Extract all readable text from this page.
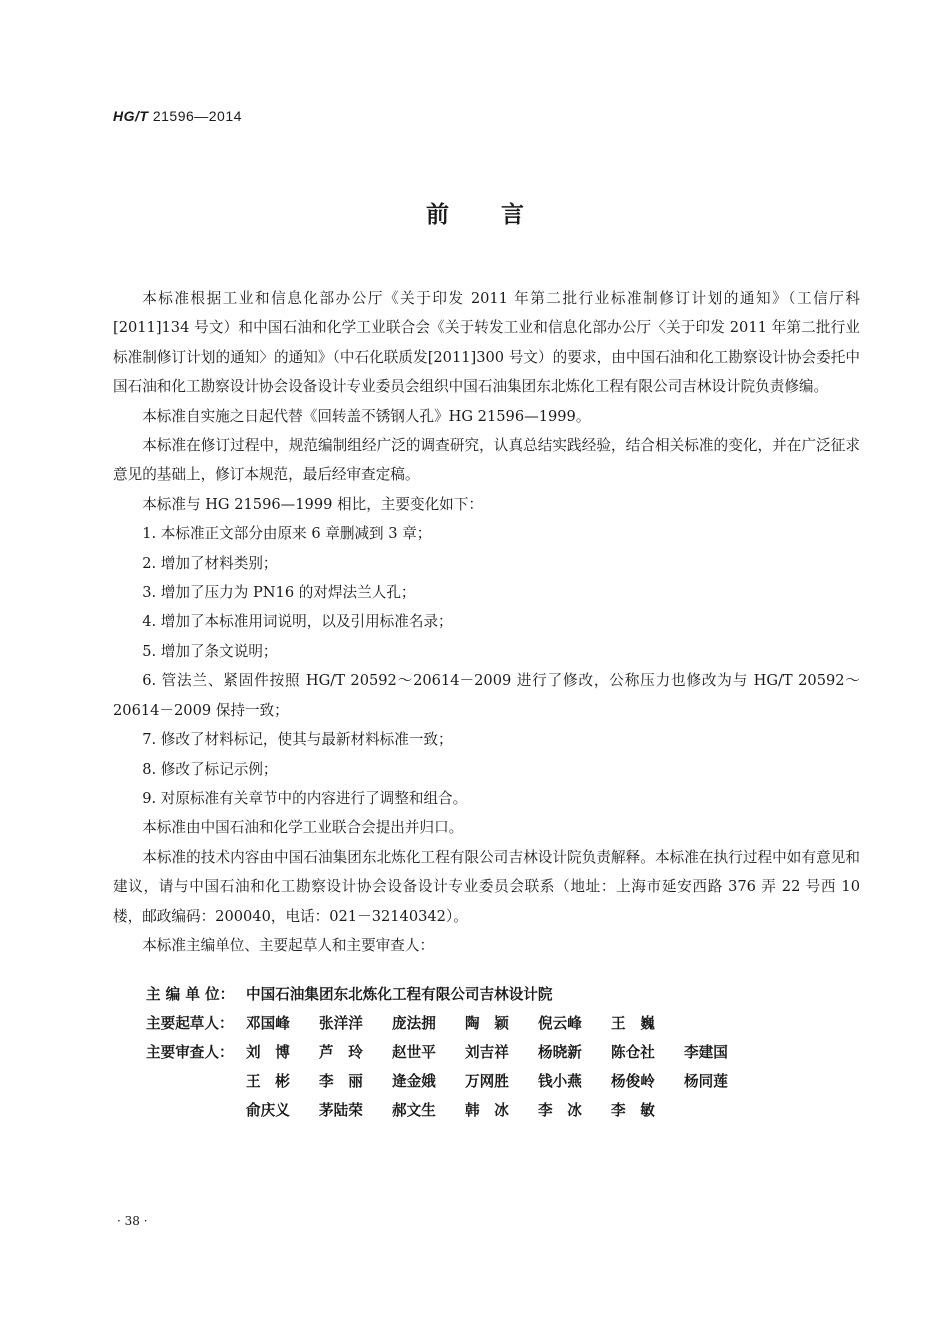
HG/T 21596—2014
前言

本标准根据工业和信息化部办公厅《关于印发 2011 年第二批行业标准制修订计划的通知》（工信厅科[2011]134 号文）和中国石油和化学工业联合会《关于转发工业和信息化部办公厅〈关于印发 2011 年第二批行业标准制修订计划的通知〉的通知》（中石化联质发[2011]300 号文）的要求，由中国石油和化工勘察设计协会委托中国石油和化工勘察设计协会设备设计专业委员会组织中国石油集团东北炼化工程有限公司吉林设计院负责修编。

本标准自实施之日起代替《回转盖不锈钢人孔》HG 21596—1999。

本标准在修订过程中，规范编制组经广泛的调查研究，认真总结实践经验，结合相关标准的变化，并在广泛征求意见的基础上，修订本规范，最后经审查定稿。

本标准与 HG 21596—1999 相比，主要变化如下：

1. 本标准正文部分由原来 6 章删减到 3 章；

2. 增加了材料类别；

3. 增加了压力为 PN16 的对焊法兰人孔；

4. 增加了本标准用词说明，以及引用标准名录；

5. 增加了条文说明；

6. 管法兰、紧固件按照 HG/T 20592～20614－2009 进行了修改，公称压力也修改为与 HG/T 20592～20614－2009 保持一致；

7. 修改了材料标记，使其与最新材料标准一致；

8. 修改了标记示例；

9. 对原标准有关章节中的内容进行了调整和组合。

本标准由中国石油和化学工业联合会提出并归口。

本标准的技术内容由中国石油集团东北炼化工程有限公司吉林设计院负责解释。本标准在执行过程中如有意见和建议，请与中国石油和化工勘察设计协会设备设计专业委员会联系（地址：上海市延安西路 376 弄 22 号西 10 楼，邮政编码：200040，电话：021－32140342）。

本标准主编单位、主要起草人和主要审查人：

主 编 单 位： 中国石油集团东北炼化工程有限公司吉林设计院
主要起草人： 邓国峰	张洋洋	庞法拥	陶　颖	倪云峰	王　巍
主要审查人： 刘　博	芦　玲	赵世平	刘吉祥	杨晓新	陈仓社	李建国
王　彬	李　丽	逄金娥	万网胜	钱小燕	杨俊岭	杨同莲
俞庆义	茅陆荣	郝文生	韩　冰	李　冰	李　敏
· 38 ·
